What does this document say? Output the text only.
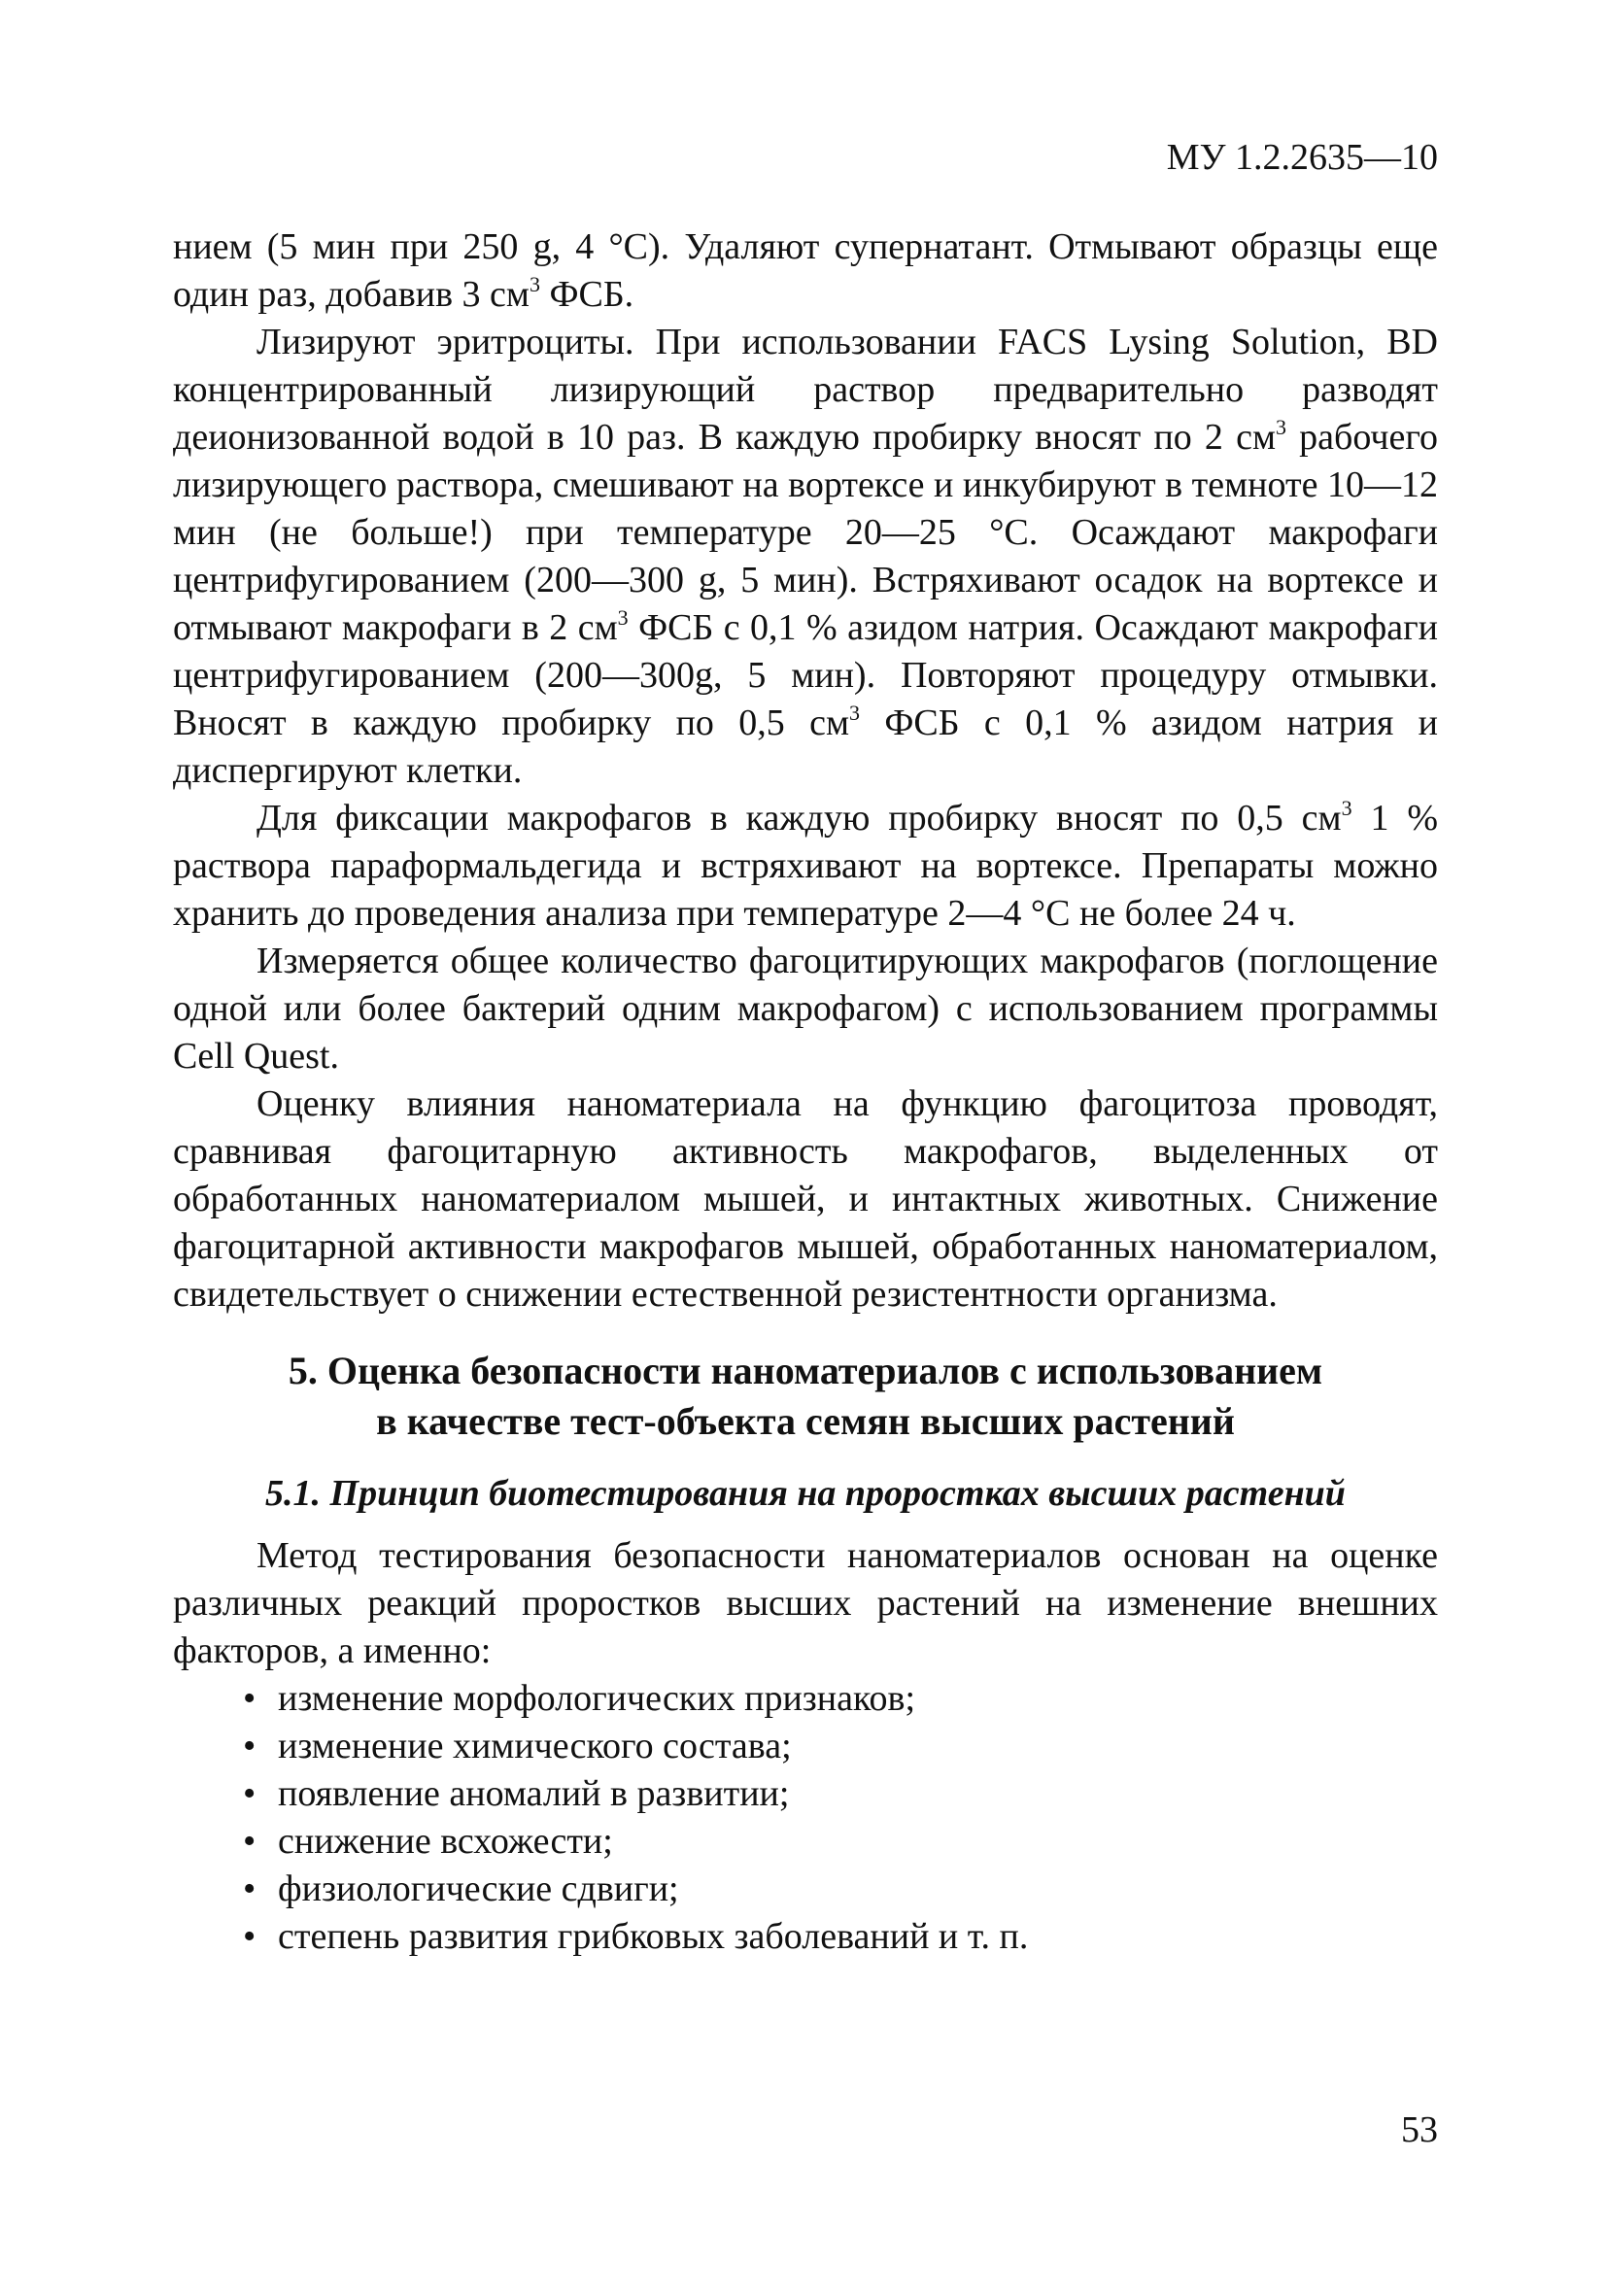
МУ 1.2.2635—10

нием (5 мин при 250 g, 4 °С). Удаляют супернатант. Отмывают образцы еще один раз, добавив 3 $см^3$ ФСБ.

Лизируют эритроциты. При использовании FACS Lysing Solution, BD концентрированный лизирующий раствор предварительно разводят деионизованной водой в 10 раз. В каждую пробирку вносят по 2 $см^3$ рабочего лизирующего раствора, смешивают на вортексе и инкубируют в темноте 10—12 мин (не больше!) при температуре 20—25 °С. Осаждают макрофаги центрифугированием (200—300 g, 5 мин). Встряхивают осадок на вортексе и отмывают макрофаги в 2 $см^3$ ФСБ с 0,1 % азидом натрия. Осаждают макрофаги центрифугированием (200—300g, 5 мин). Повторяют процедуру отмывки. Вносят в каждую пробирку по 0,5 $см^3$ ФСБ с 0,1 % азидом натрия и диспергируют клетки.

Для фиксации макрофагов в каждую пробирку вносят по 0,5 $см^3$ 1 % раствора параформальдегида и встряхивают на вортексе. Препараты можно хранить до проведения анализа при температуре 2—4 °С не более 24 ч.

Измеряется общее количество фагоцитирующих макрофагов (поглощение одной или более бактерий одним макрофагом) с использованием программы Cell Quest.

Оценку влияния наноматериала на функцию фагоцитоза проводят, сравнивая фагоцитарную активность макрофагов, выделенных от обработанных наноматериалом мышей, и интактных животных. Снижение фагоцитарной активности макрофагов мышей, обработанных наноматериалом, свидетельствует о снижении естественной резистентности организма.

5. Оценка безопасности наноматериалов с использованием
в качестве тест-объекта семян высших растений
5.1. Принцип биотестирования на проростках высших растений

Метод тестирования безопасности наноматериалов основан на оценке различных реакций проростков высших растений на изменение внешних факторов, а именно:

• изменение морфологических признаков;
• изменение химического состава;
• появление аномалий в развитии;
• снижение всхожести;
• физиологические сдвиги;
• степень развития грибковых заболеваний и т. п.
53
